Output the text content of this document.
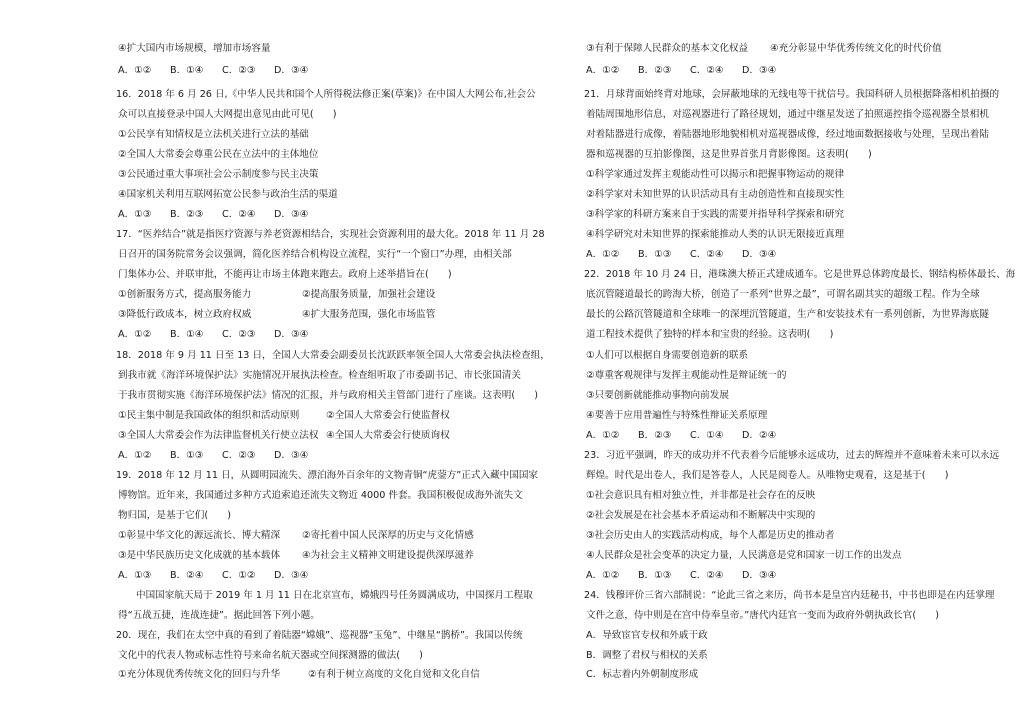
④扩大国内市场规模，增加市场容量
A．①② B．①④ C．②③ D．③④
16．2018 年 6 月 26 日,《中华人民共和国个人所得税法修正案(草案)》在中国人大网公布,社会公
众可以直接登录中国人大网提出意见由此可见(　　)
①公民享有知情权是立法机关进行立法的基础
②全国人大常委会尊重公民在立法中的主体地位
③公民通过重大事项社会公示制度参与民主决策
④国家机关利用互联网拓宽公民参与政治生活的渠道
A．①③ B．②③ C．②④ D．③④
17．“医养结合”就是指医疗资源与养老资源相结合，实现社会资源利用的最大化。2018 年 11 月 28
日召开的国务院常务会议强调，简化医养结合机构设立流程，实行“一个窗口”办理，由相关部
门集体办公、并联审批，不能再让市场主体跑来跑去。政府上述举措旨在(　　)
①创新服务方式，提高服务能力	②提高服务质量，加强社会建设
③降低行政成本，树立政府权威	④扩大服务范围，强化市场监管
A．①② B．①④ C．②③ D．③④
18．2018 年 9 月 11 日至 13 日，全国人大常委会副委员长沈跃跃率领全国人大常委会执法检查组，
到我市就《海洋环境保护法》实施情况开展执法检查。检查组听取了市委副书记、市长张国清关
于我市贯彻实施《海洋环境保护法》情况的汇报，并与政府相关主管部门进行了座谈。这表明(　　)
①民主集中制是我国政体的组织和活动原则	②全国人大常委会行使监督权
③全国人大常委会作为法律监督机关行使立法权 ④全国人大常委会行使质询权
A．①② B．①③ C．②③ D．③④
19．2018 年 12 月 11 日，从圆明园流失、漂泊海外百余年的文物青铜“虎蓥方”正式入藏中国国家
博物馆。近年来，我国通过多种方式追索追还流失文物近 4000 件套。我国积极促成海外流失文
物归国，是基于它们(　　)
①彰显中华文化的源远流长、博大精深 ②寄托着中国人民深厚的历史与文化情感
③是中华民族历史文化成就的基本载体 ④为社会主义精神文明建设提供深厚滋养
A．①③ B．②④ C．①② D．③④
中国国家航天局于 2019 年 1 月 11 日在北京宣布，嫦娥四号任务圆满成功，中国探月工程取
得“五战五捷，连战连捷”。据此回答下列小题。
20．现在，我们在太空中真的看到了着陆器“嫦娥”、巡视器“玉兔”、中继星“鹊桥”。我国以传统
文化中的代表人物或标志性符号来命名航天器或空间探测器的做法(　　)
①充分体现优秀传统文化的回归与升华	②有利于树立高度的文化自觉和文化自信
③有利于保障人民群众的基本文化权益 ④充分彰显中华优秀传统文化的时代价值
A．①② B．②③ C．②④ D．③④
21．月球背面始终背对地球，会屏蔽地球的无线电等干扰信号。我国科研人员根据降落相机拍摄的
着陆周围地形信息，对巡视器进行了路径规划，通过中继星发送了拍照遥控指令巡视器全景相机
对着陆器进行成像，着陆器地形地貌相机对巡视器成像，经过地面数据接收与处理，呈现出着陆
器和巡视器的互拍影像图，这是世界首张月背影像图。这表明(　　)
①科学家通过发挥主观能动性可以揭示和把握事物运动的规律
②科学家对未知世界的认识活动具有主动创造性和直接现实性
③科学家的科研方案来自于实践的需要并指导科学探索和研究
④科学研究对未知世界的探索能推动人类的认识无限接近真理
A．①② B．①③ C．②④ D．③④
22．2018 年 10 月 24 日，港珠澳大桥正式建成通车。它是世界总体跨度最长、钢结构桥体最长、海
底沉管隧道最长的跨海大桥，创造了一系列“世界之最”，可谓名副其实的超级工程。作为全球
最长的公路沉管隧道和全球唯一的深埋沉管隧道，生产和安装技术有一系列创新，为世界海底隧
道工程技术提供了独特的样本和宝贵的经验。这表明(　　)
①人们可以根据自身需要创造新的联系
②尊重客观规律与发挥主观能动性是辩证统一的
③只要创新就能推动事物向前发展
④要善于应用普遍性与特殊性辩证关系原理
A．①② B．②③ C．①④ D．②④
23．习近平强调，昨天的成功并不代表着今后能够永远成功，过去的辉煌并不意味着未来可以永远
辉煌。时代是出卷人，我们是答卷人，人民是阅卷人。从唯物史观看，这是基于(　　)
①社会意识具有相对独立性，并非都是社会存在的反映
②社会发展是在社会基本矛盾运动和不断解决中实现的
③社会历史由人的实践活动构成，每个人都是历史的推动者
④人民群众是社会变革的决定力量，人民满意是党和国家一切工作的出发点
A．①② B．①③ C．②④ D．③④
24．钱穆评价三省六部制说：“论此三省之来历，尚书本是皇宫内廷秘书，中书也即是在内廷掌理
文件之意，侍中则是在宫中侍奉皇帝。”唐代内廷官一变而为政府外朝执政长官(　　)
A．导致宦官专权和外戚干政
B．调整了君权与相权的关系
C．标志着内外朝制度形成
